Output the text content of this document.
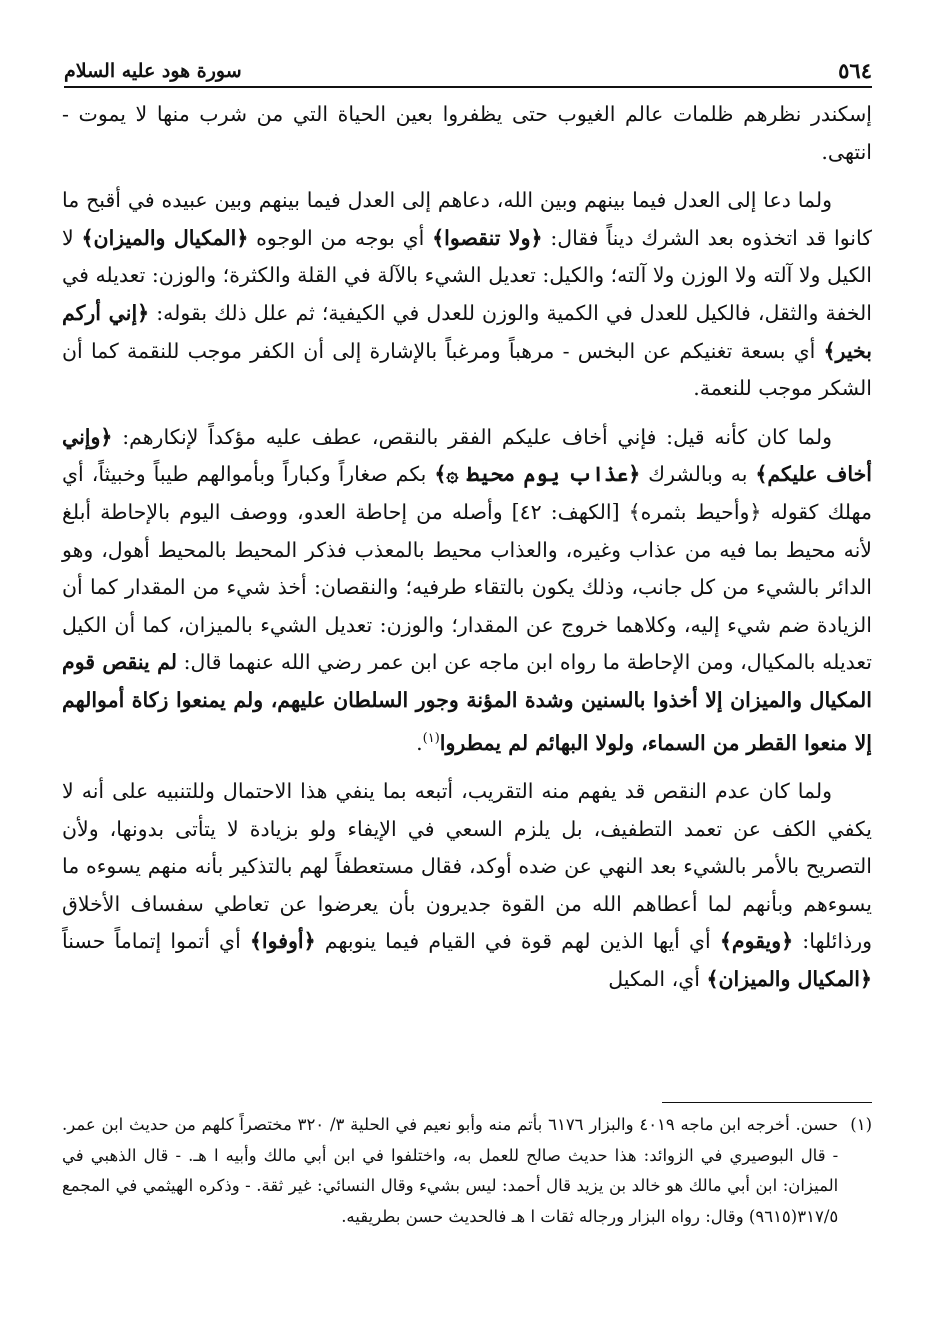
٥٦٤
سورة هود عليه السلام

إسكندر نظرهم ظلمات عالم الغيوب حتى يظفروا بعين الحياة التي من شرب منها لا يموت - انتهى.

ولما دعا إلى العدل فيما بينهم وبين الله، دعاهم إلى العدل فيما بينهم وبين عبيده في أقبح ما كانوا قد اتخذوه بعد الشرك ديناً فقال: ﴿ولا تنقصوا﴾ أي بوجه من الوجوه ﴿المكيال والميزان﴾ لا الكيل ولا آلته ولا الوزن ولا آلته؛ والكيل: تعديل الشيء بالآلة في القلة والكثرة؛ والوزن: تعديله في الخفة والثقل، فالكيل للعدل في الكمية والوزن للعدل في الكيفية؛ ثم علل ذلك بقوله: ﴿إني أركم بخير﴾ أي بسعة تغنيكم عن البخس - مرهباً ومرغباً بالإشارة إلى أن الكفر موجب للنقمة كما أن الشكر موجب للنعمة.

ولما كان كأنه قيل: فإني أخاف عليكم الفقر بالنقص، عطف عليه مؤكداً لإنكارهم: ﴿وإني أخاف عليكم﴾ به وبالشرك ﴿عذاب يوم محيط ۞﴾ بكم صغاراً وكباراً وبأموالهم طيباً وخبيثاً، أي مهلك كقوله ﴿وأحيط بثمره﴾ [الكهف: ٤٢] وأصله من إحاطة العدو، ووصف اليوم بالإحاطة أبلغ لأنه محيط بما فيه من عذاب وغيره، والعذاب محيط بالمعذب فذكر المحيط بالمحيط أهول، وهو الدائر بالشيء من كل جانب، وذلك يكون بالتقاء طرفيه؛ والنقصان: أخذ شيء من المقدار كما أن الزيادة ضم شيء إليه، وكلاهما خروج عن المقدار؛ والوزن: تعديل الشيء بالميزان، كما أن الكيل تعديله بالمكيال، ومن الإحاطة ما رواه ابن ماجه عن ابن عمر رضي الله عنهما قال: لم ينقص قوم المكيال والميزان إلا أخذوا بالسنين وشدة المؤنة وجور السلطان عليهم، ولم يمنعوا زكاة أموالهم إلا منعوا القطر من السماء، ولولا البهائم لم يمطروا$^{(١)}$.

ولما كان عدم النقص قد يفهم منه التقريب، أتبعه بما ينفي هذا الاحتمال وللتنبيه على أنه لا يكفي الكف عن تعمد التطفيف، بل يلزم السعي في الإيفاء ولو بزيادة لا يتأتى بدونها، ولأن التصريح بالأمر بالشيء بعد النهي عن ضده أوكد، فقال مستعطفاً لهم بالتذكير بأنه منهم يسوءه ما يسوءهم وبأنهم لما أعطاهم الله من القوة جديرون بأن يعرضوا عن تعاطي سفساف الأخلاق ورذائلها: ﴿ويقوم﴾ أي أيها الذين لهم قوة في القيام فيما ينوبهم ﴿أوفوا﴾ أي أتموا إتماماً حسناً ﴿المكيال والميزان﴾ أي، المكيل

(١)
حسن. أخرجه ابن ماجه ٤٠١٩ والبزار ٦١٧٦ بأتم منه وأبو نعيم في الحلية ٣/ ٣٢٠ مختصراً كلهم من حديث ابن عمر. - قال البوصيري في الزوائد: هذا حديث صالح للعمل به، واختلفوا في ابن أبي مالك وأبيه ا هـ. - قال الذهبي في الميزان: ابن أبي مالك هو خالد بن يزيد قال أحمد: ليس بشيء وقال النسائي: غير ثقة. - وذكره الهيثمي في المجمع ٣١٧/٥(٩٦١٥) وقال: رواه البزار ورجاله ثقات ا هـ فالحديث حسن بطريقيه.
